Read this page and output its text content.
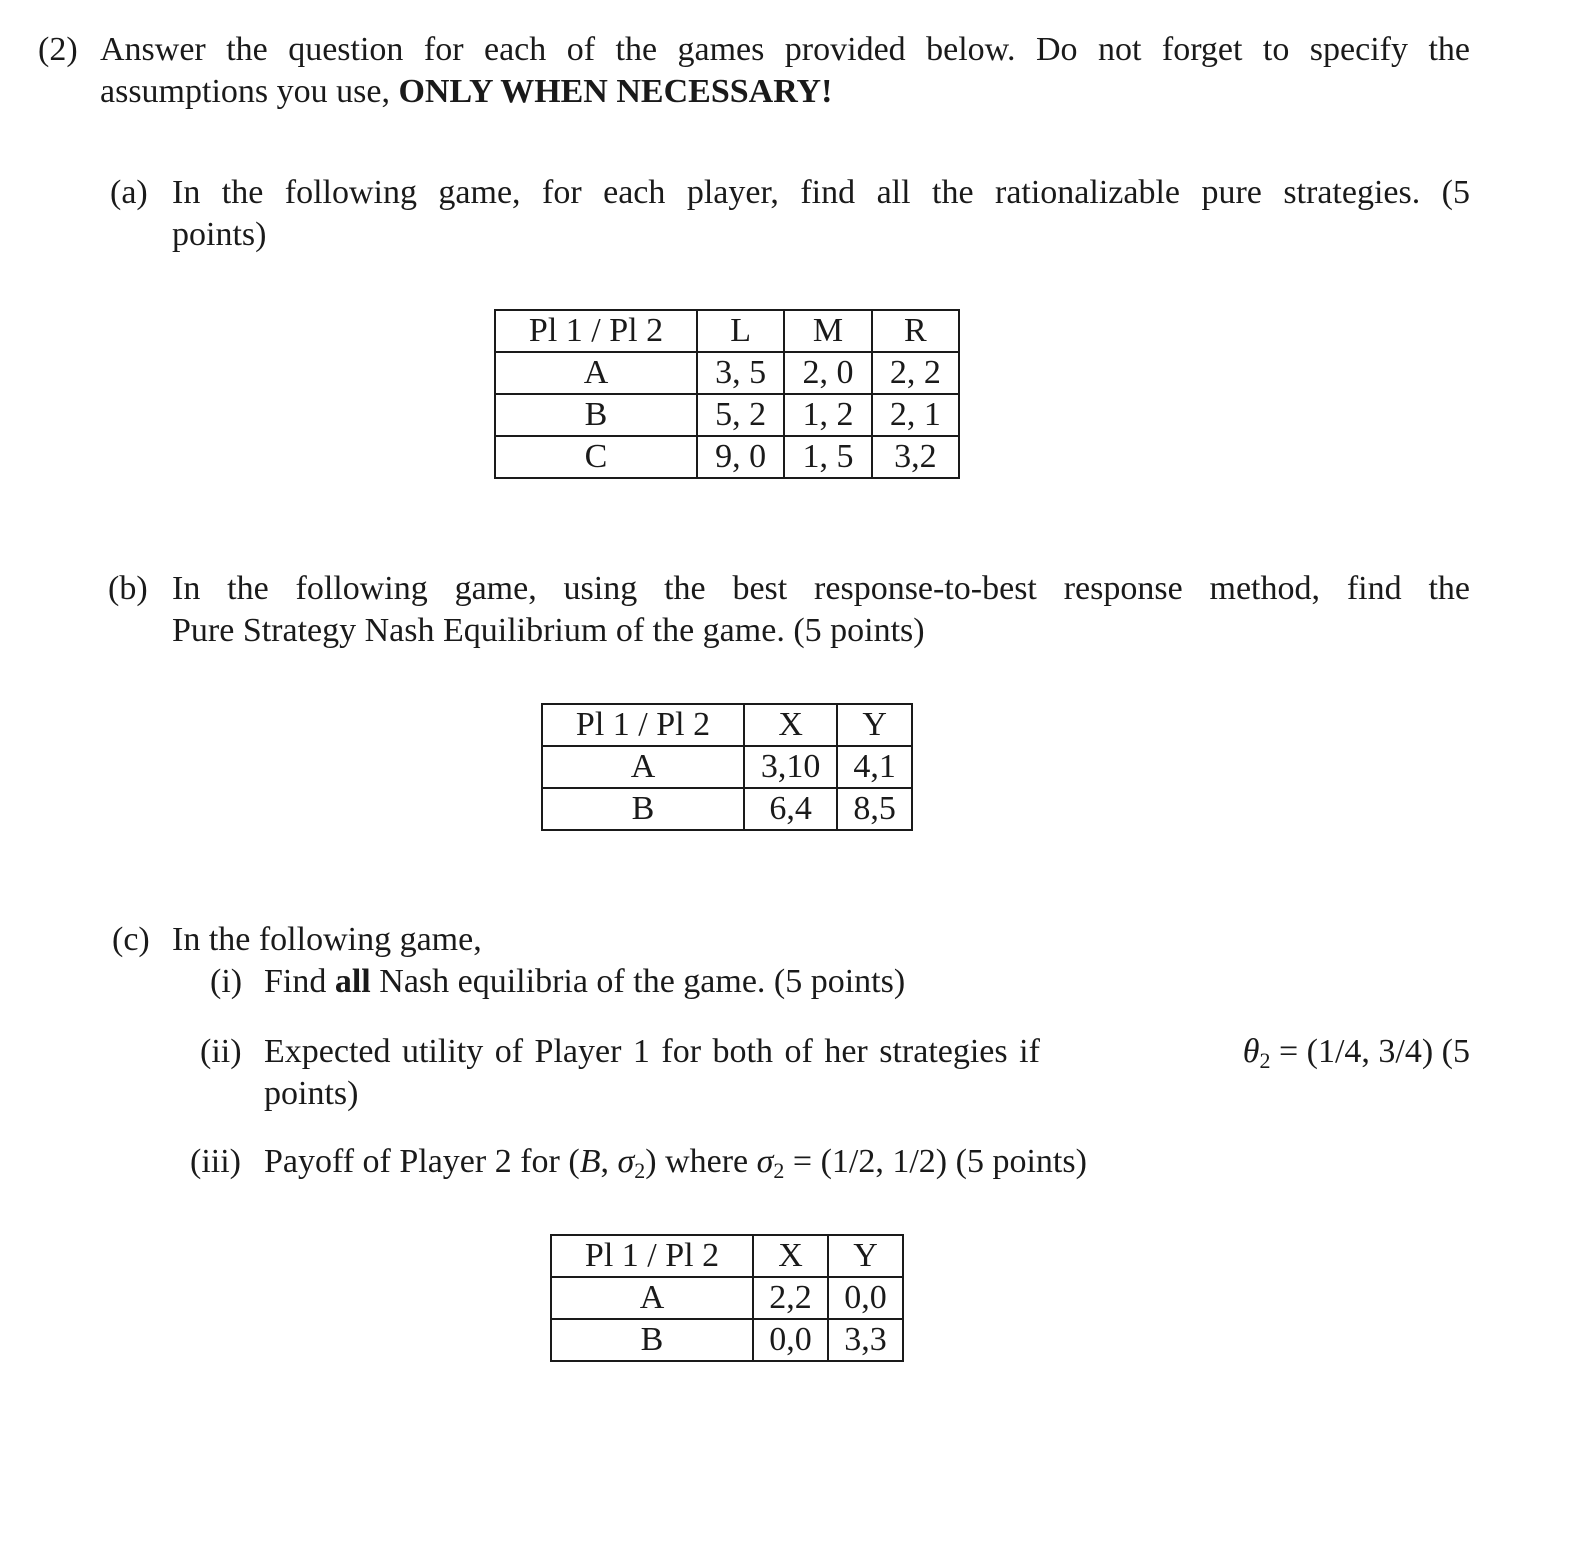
(2) Answer the question for each of the games provided below. Do not forget to specify the
assumptions you use, ONLY WHEN NECESSARY!
(a) In the following game, for each player, find all the rationalizable pure strategies. (5
points)
Pl 1 / Pl 2	L	M	R
A	3, 5	2, 0	2, 2
B	5, 2	1, 2	2, 1
C	9, 0	1, 5	3,2
(b) In the following game, using the best response-to-best response method, find the
Pure Strategy Nash Equilibrium of the game. (5 points)
Pl 1 / Pl 2	X	Y
A	3,10	4,1
B	6,4	8,5
(c) In the following game,
(i) Find all Nash equilibria of the game. (5 points)
(ii) Expected utility of Player 1 for both of her strategies if	$\theta_2 = (1/4$, 3/4) (5
points)
(iii) Payoff of Player 2 for (B, $\sigma_2$) where $\sigma_2 = (1/2$, 1/2) (5 points)
Pl 1 / Pl 2	X	Y
A	2,2	0,0
B	0,0	3,3
